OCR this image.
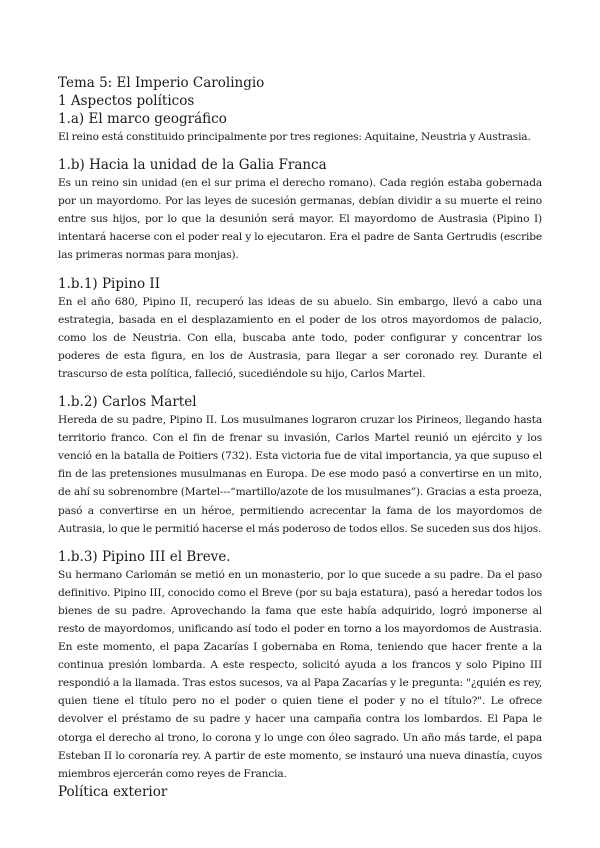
Tema 5: El Imperio Carolingio
1 Aspectos políticos
1.a) El marco geográfico

El reino está constituido principalmente por tres regiones: Aquitaine, Neustria y Austrasia.

1.b) Hacia la unidad de la Galia Franca

Es un reino sin unidad (en el sur prima el derecho romano). Cada región estaba gobernada por un mayordomo. Por las leyes de sucesión germanas, debían dividir a su muerte el reino entre sus hijos, por lo que la desunión será mayor. El mayordomo de Austrasia (Pipino I) intentará hacerse con el poder real y lo ejecutaron. Era el padre de Santa Gertrudis (escribe las primeras normas para monjas).

1.b.1) Pipino II

En el año 680, Pipino II, recuperó las ideas de su abuelo. Sin embargo, llevó a cabo una estrategia, basada en el desplazamiento en el poder de los otros mayordomos de palacio, como los de Neustria. Con ella, buscaba ante todo, poder configurar y concentrar los poderes de esta figura, en los de Austrasia, para llegar a ser coronado rey. Durante el trascurso de esta política, falleció, sucediéndole su hijo, Carlos Martel.

1.b.2) Carlos Martel

Hereda de su padre, Pipino II. Los musulmanes lograron cruzar los Pirineos, llegando hasta territorio franco. Con el fin de frenar su invasión, Carlos Martel reunió un ejército y los venció en la batalla de Poitiers (732). Esta victoria fue de vital importancia, ya que supuso el fin de las pretensiones musulmanas en Europa. De ese modo pasó a convertirse en un mito, de ahí su sobrenombre (Martel---“martillo/azote de los musulmanes”). Gracias a esta proeza, pasó a convertirse en un héroe, permitiendo acrecentar la fama de los mayordomos de Autrasia, lo que le permitió hacerse el más poderoso de todos ellos. Se suceden sus dos hijos.

1.b.3) Pipino III el Breve.

Su hermano Carlomán se metió en un monasterio, por lo que sucede a su padre. Da el paso definitivo. Pipino III, conocido como el Breve (por su baja estatura), pasó a heredar todos los bienes de su padre. Aprovechando la fama que este había adquirido, logró imponerse al resto de mayordomos, unificando así todo el poder en torno a los mayordomos de Austrasia. En este momento, el papa Zacarías I gobernaba en Roma, teniendo que hacer frente a la continua presión lombarda. A este respecto, solicitó ayuda a los francos y solo Pipino III respondió a la llamada. Tras estos sucesos, va al Papa Zacarías y le pregunta: "¿quién es rey, quien tiene el título pero no el poder o quien tiene el poder y no el título?". Le ofrece devolver el préstamo de su padre y hacer una campaña contra los lombardos. El Papa le otorga el derecho al trono, lo corona y lo unge con óleo sagrado. Un año más tarde, el papa Esteban II lo coronaría rey. A partir de este momento, se instauró una nueva dinastía, cuyos miembros ejercerán como reyes de Francia.

Política exterior
